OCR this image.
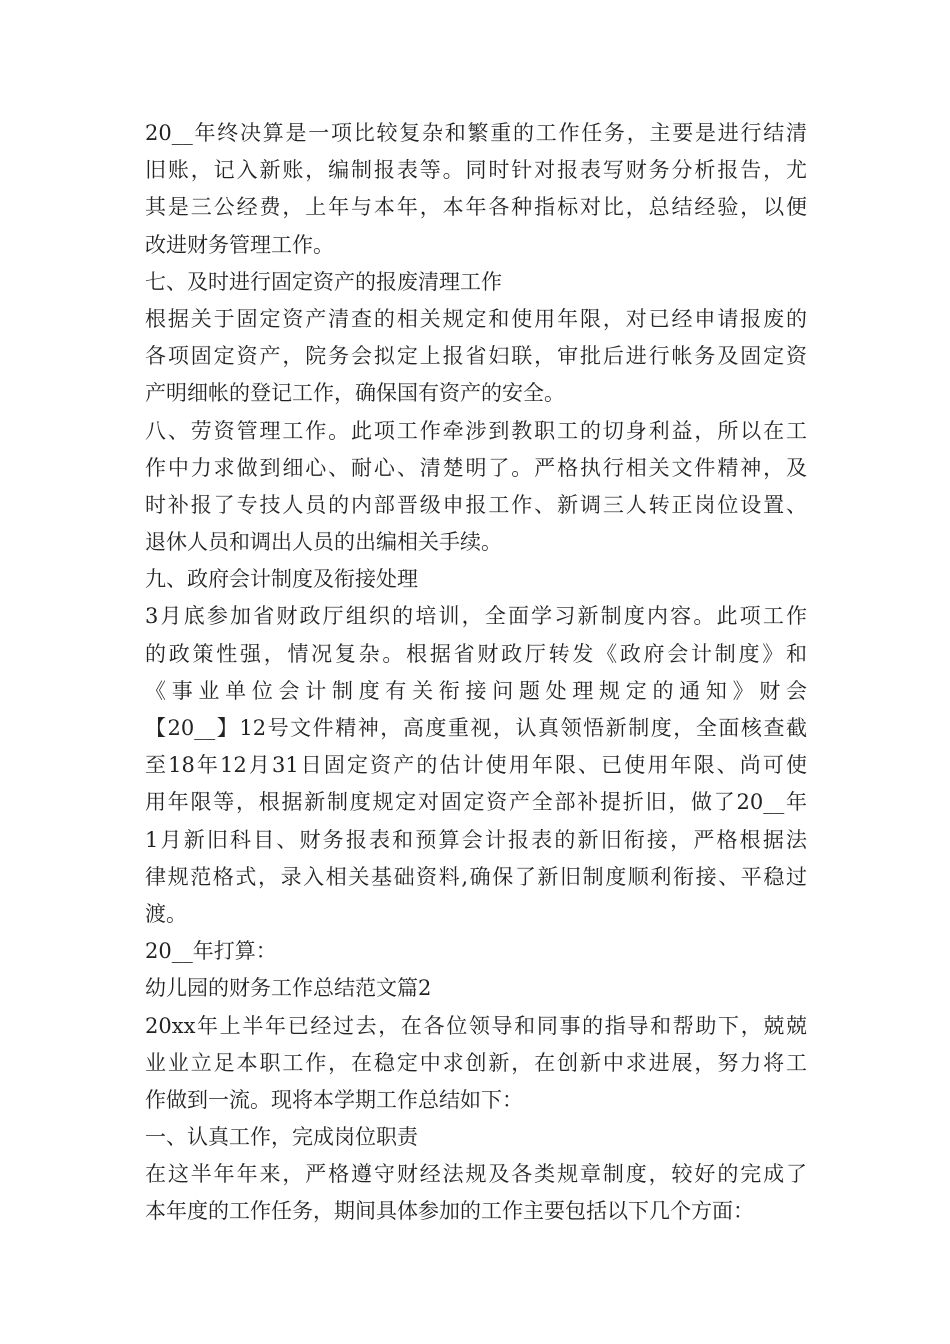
20__年终决算是一项比较复杂和繁重的工作任务，主要是进行结清
旧账，记入新账，编制报表等。同时针对报表写财务分析报告，尤
其是三公经费，上年与本年，本年各种指标对比，总结经验，以便
改进财务管理工作。
七、及时进行固定资产的报废清理工作
根据关于固定资产清查的相关规定和使用年限，对已经申请报废的
各项固定资产，院务会拟定上报省妇联，审批后进行帐务及固定资
产明细帐的登记工作，确保国有资产的安全。
八、劳资管理工作。此项工作牵涉到教职工的切身利益，所以在工
作中力求做到细心、耐心、清楚明了。严格执行相关文件精神，及
时补报了专技人员的内部晋级申报工作、新调三人转正岗位设置、
退休人员和调出人员的出编相关手续。
九、政府会计制度及衔接处理
3月底参加省财政厅组织的培训，全面学习新制度内容。此项工作
的政策性强，情况复杂。根据省财政厅转发《政府会计制度》和
《事业单位会计制度有关衔接问题处理规定的通知》财会
【20__】12号文件精神，高度重视，认真领悟新制度，全面核查截
至18年12月31日固定资产的估计使用年限、已使用年限、尚可使
用年限等，根据新制度规定对固定资产全部补提折旧，做了20__年
1月新旧科目、财务报表和预算会计报表的新旧衔接，严格根据法
律规范格式，录入相关基础资料,确保了新旧制度顺利衔接、平稳过
渡。
20__年打算：
幼儿园的财务工作总结范文篇2
20xx年上半年已经过去，在各位领导和同事的指导和帮助下，兢兢
业业立足本职工作，在稳定中求创新，在创新中求进展，努力将工
作做到一流。现将本学期工作总结如下：
一、认真工作，完成岗位职责
在这半年年来，严格遵守财经法规及各类规章制度，较好的完成了
本年度的工作任务，期间具体参加的工作主要包括以下几个方面：
